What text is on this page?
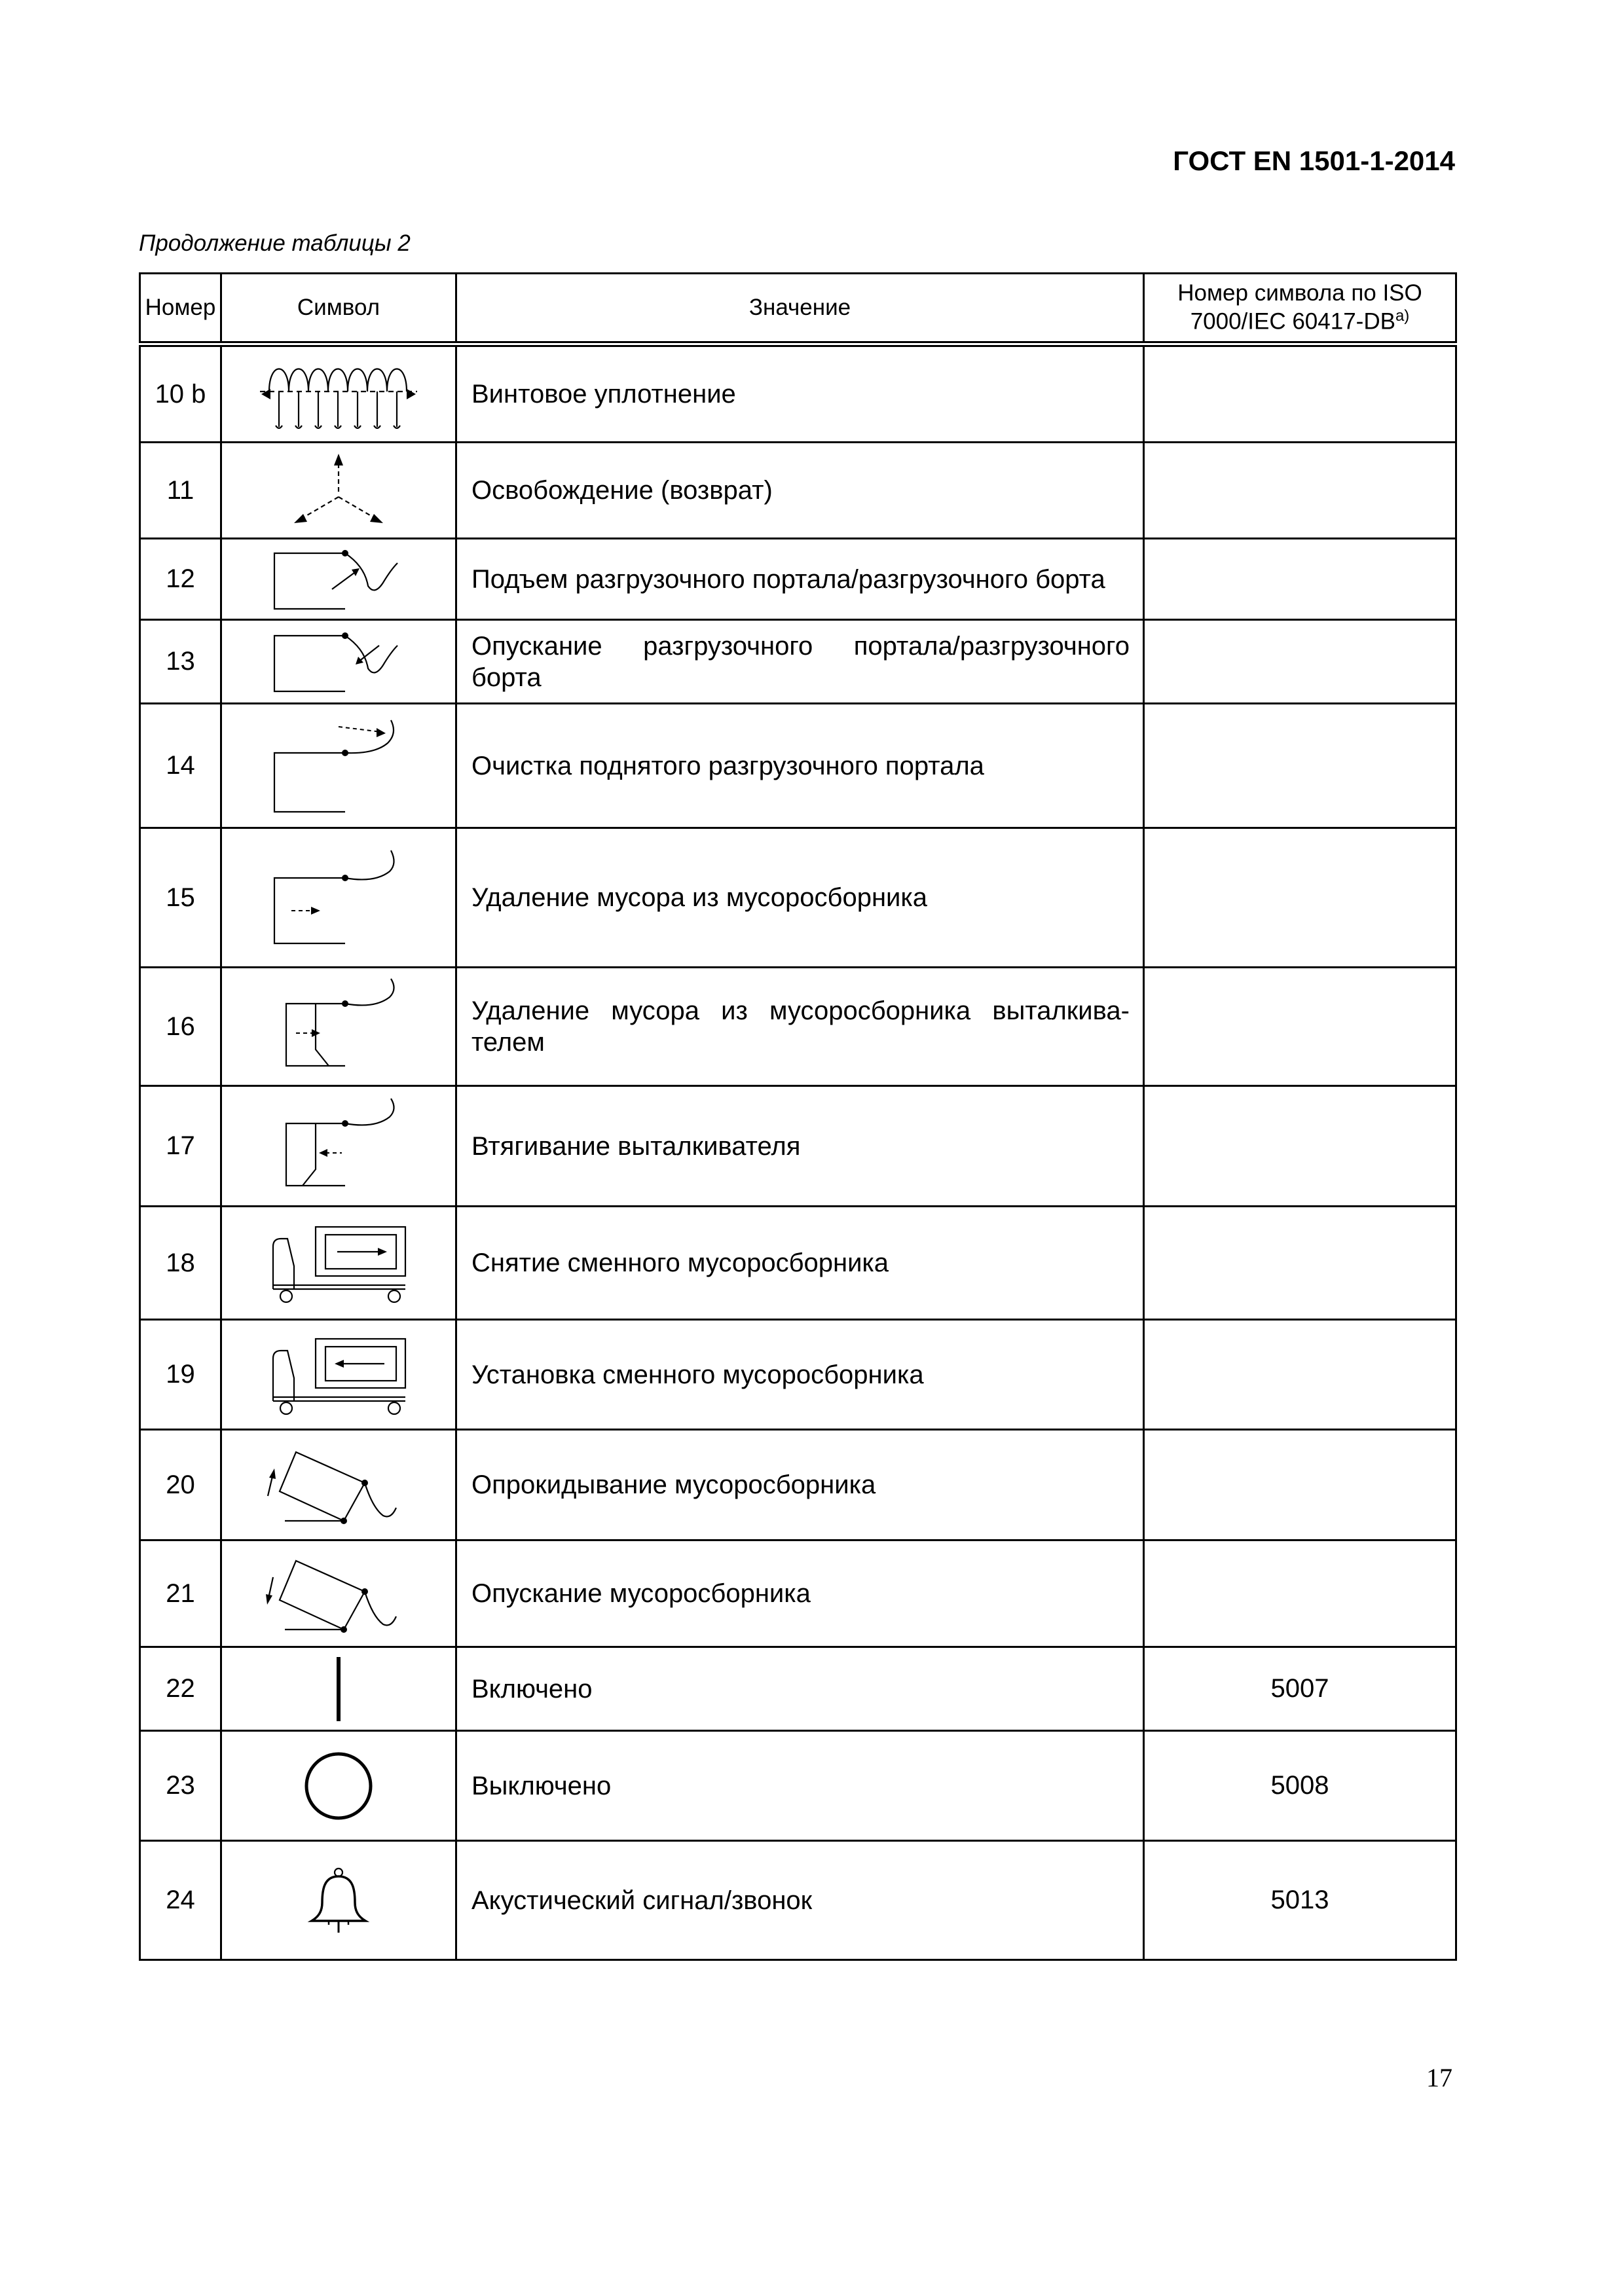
ГОСТ EN 1501-1-2014
Продолжение таблицы 2
Номер	Символ	Значение	Номер символа по ISO 7000/IEC 60417-DB$^{a)}$
10 b		Винтовое уплотнение	
11		Освобождение (возврат)	
12		Подъем разгрузочного портала/разгрузочного борта	
13		Опускание разгрузочного портала/разгрузочного борта	
14		Очистка поднятого разгрузочного портала	
15		Удаление мусора из мусоросборника	
16		Удаление мусора из мусоросборника выталкива-телем	
17		Втягивание выталкивателя	
18		Снятие сменного мусоросборника	
19		Установка сменного мусоросборника	
20		Опрокидывание мусоросборника	
21		Опускание мусоросборника	
22		Включено	5007
23		Выключено	5008
24		Акустический сигнал/звонок	5013
17
